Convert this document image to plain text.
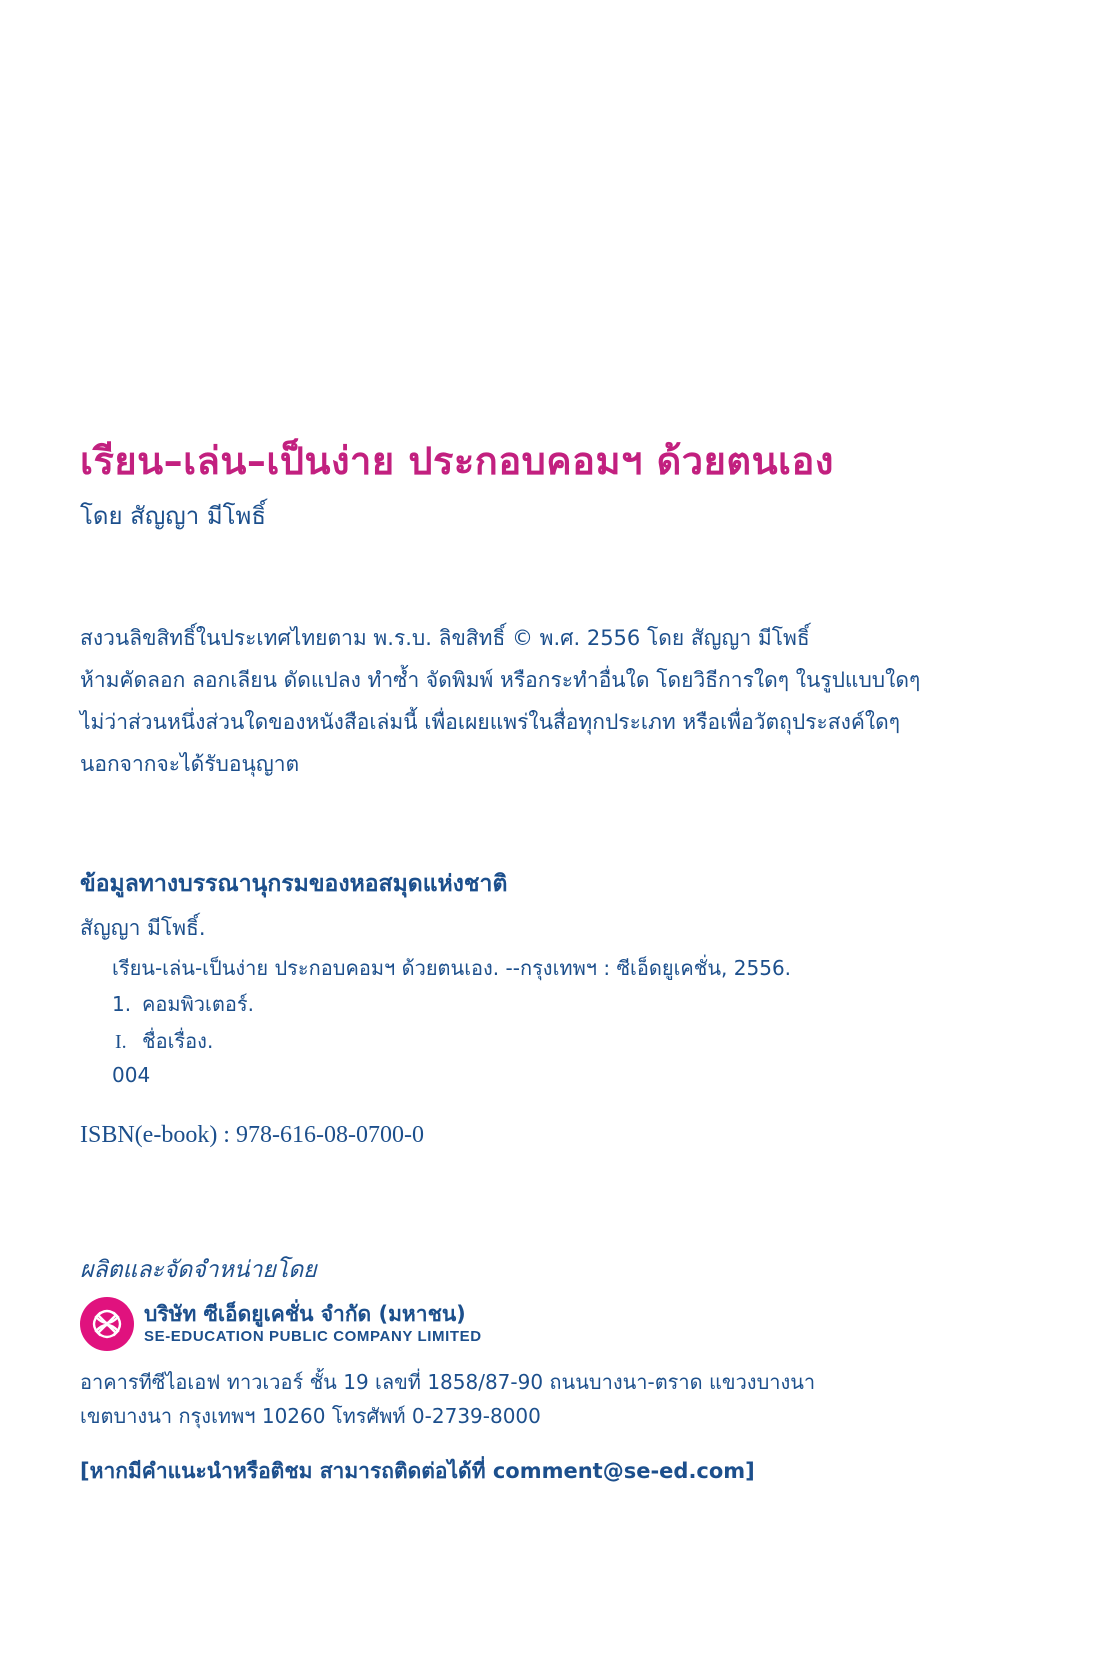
เรียน–เล่น–เป็นง่าย ประกอบคอมฯ ด้วยตนเอง
โดย สัญญา มีโพธิ์
สงวนลิขสิทธิ์ในประเทศไทยตาม พ.ร.บ. ลิขสิทธิ์ © พ.ศ. 2556 โดย สัญญา มีโพธิ์
ห้ามคัดลอก ลอกเลียน ดัดแปลง ทำซ้ำ จัดพิมพ์ หรือกระทำอื่นใด โดยวิธีการใดๆ ในรูปแบบใดๆ
ไม่ว่าส่วนหนึ่งส่วนใดของหนังสือเล่มนี้ เพื่อเผยแพร่ในสื่อทุกประเภท หรือเพื่อวัตถุประสงค์ใดๆ
นอกจากจะได้รับอนุญาต
ข้อมูลทางบรรณานุกรมของหอสมุดแห่งชาติ
สัญญา มีโพธิ์.
เรียน-เล่น-เป็นง่าย ประกอบคอมฯ ด้วยตนเอง. --กรุงเทพฯ : ซีเอ็ดยูเคชั่น, 2556.
1. คอมพิวเตอร์.
I. ชื่อเรื่อง.
004
ISBN(e-book) : 978-616-08-0700-0
ผลิตและจัดจำหน่ายโดย
บริษัท ซีเอ็ดยูเคชั่น จำกัด (มหาชน)
SE-EDUCATION PUBLIC COMPANY LIMITED
อาคารทีซีไอเอฟ ทาวเวอร์ ชั้น 19 เลขที่ 1858/87-90 ถนนบางนา-ตราด แขวงบางนา
เขตบางนา กรุงเทพฯ 10260 โทรศัพท์ 0-2739-8000
[หากมีคำแนะนำหรือติชม สามารถติดต่อได้ที่ comment@se-ed.com]
